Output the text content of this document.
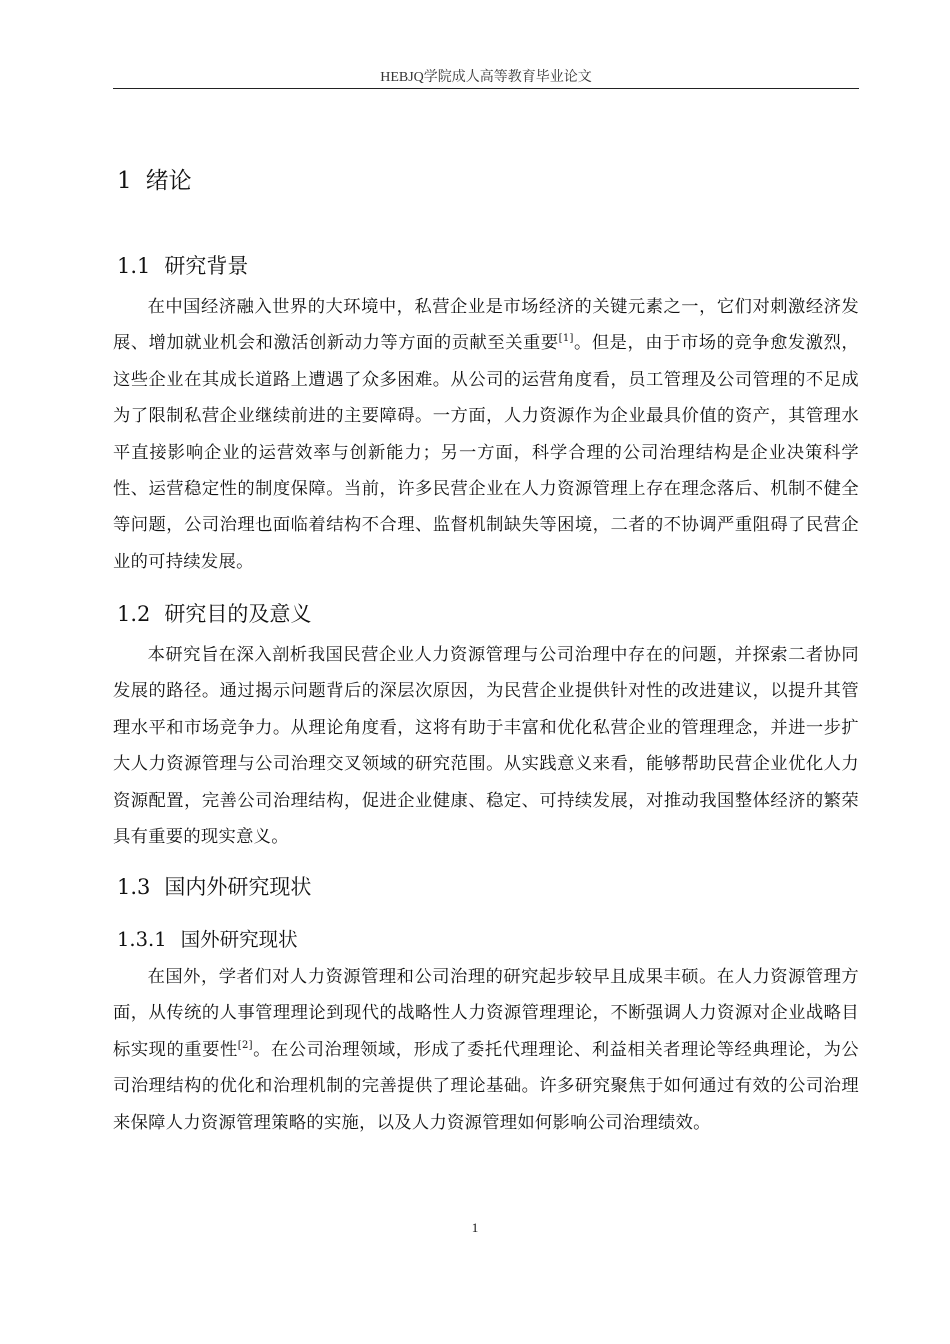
HEBJQ学院成人高等教育毕业论文
1 绪论
1.1 研究背景

在中国经济融入世界的大环境中，私营企业是市场经济的关键元素之一，它们对刺激经济发展、增加就业机会和激活创新动力等方面的贡献至关重要[1]。但是，由于市场的竞争愈发激烈，这些企业在其成长道路上遭遇了众多困难。从公司的运营角度看，员工管理及公司管理的不足成为了限制私营企业继续前进的主要障碍。一方面，人力资源作为企业最具价值的资产，其管理水平直接影响企业的运营效率与创新能力；另一方面，科学合理的公司治理结构是企业决策科学性、运营稳定性的制度保障。当前，许多民营企业在人力资源管理上存在理念落后、机制不健全等问题，公司治理也面临着结构不合理、监督机制缺失等困境，二者的不协调严重阻碍了民营企业的可持续发展。

1.2 研究目的及意义

本研究旨在深入剖析我国民营企业人力资源管理与公司治理中存在的问题，并探索二者协同发展的路径。通过揭示问题背后的深层次原因，为民营企业提供针对性的改进建议，以提升其管理水平和市场竞争力。从理论角度看，这将有助于丰富和优化私营企业的管理理念，并进一步扩大人力资源管理与公司治理交叉领域的研究范围。从实践意义来看，能够帮助民营企业优化人力资源配置，完善公司治理结构，促进企业健康、稳定、可持续发展，对推动我国整体经济的繁荣具有重要的现实意义。

1.3 国内外研究现状
1.3.1 国外研究现状

在国外，学者们对人力资源管理和公司治理的研究起步较早且成果丰硕。在人力资源管理方面，从传统的人事管理理论到现代的战略性人力资源管理理论，不断强调人力资源对企业战略目标实现的重要性[2]。在公司治理领域，形成了委托代理理论、利益相关者理论等经典理论，为公司治理结构的优化和治理机制的完善提供了理论基础。许多研究聚焦于如何通过有效的公司治理来保障人力资源管理策略的实施，以及人力资源管理如何影响公司治理绩效。

1
